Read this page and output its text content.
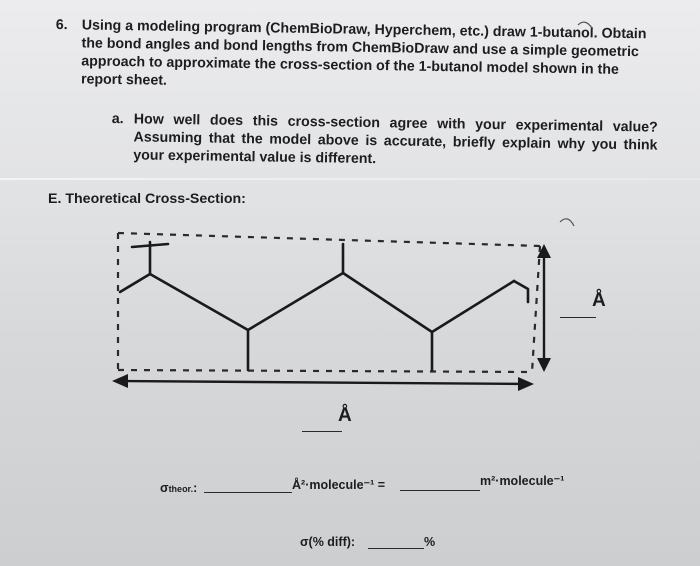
6. Using a modeling program (ChemBioDraw, Hyperchem, etc.) draw 1-butanol. Obtain the bond angles and bond lengths from ChemBioDraw and use a simple geometric approach to approximate the cross-section of the 1-butanol model shown in the report sheet.
a. How well does this cross-section agree with your experimental value? Assuming that the model above is accurate, briefly explain why you think your experimental value is different.
E. Theoretical Cross-Section:
Å
Å
σtheor.:	Å²·molecule⁻¹ =	m²·molecule⁻¹
σ(% diff):	%
